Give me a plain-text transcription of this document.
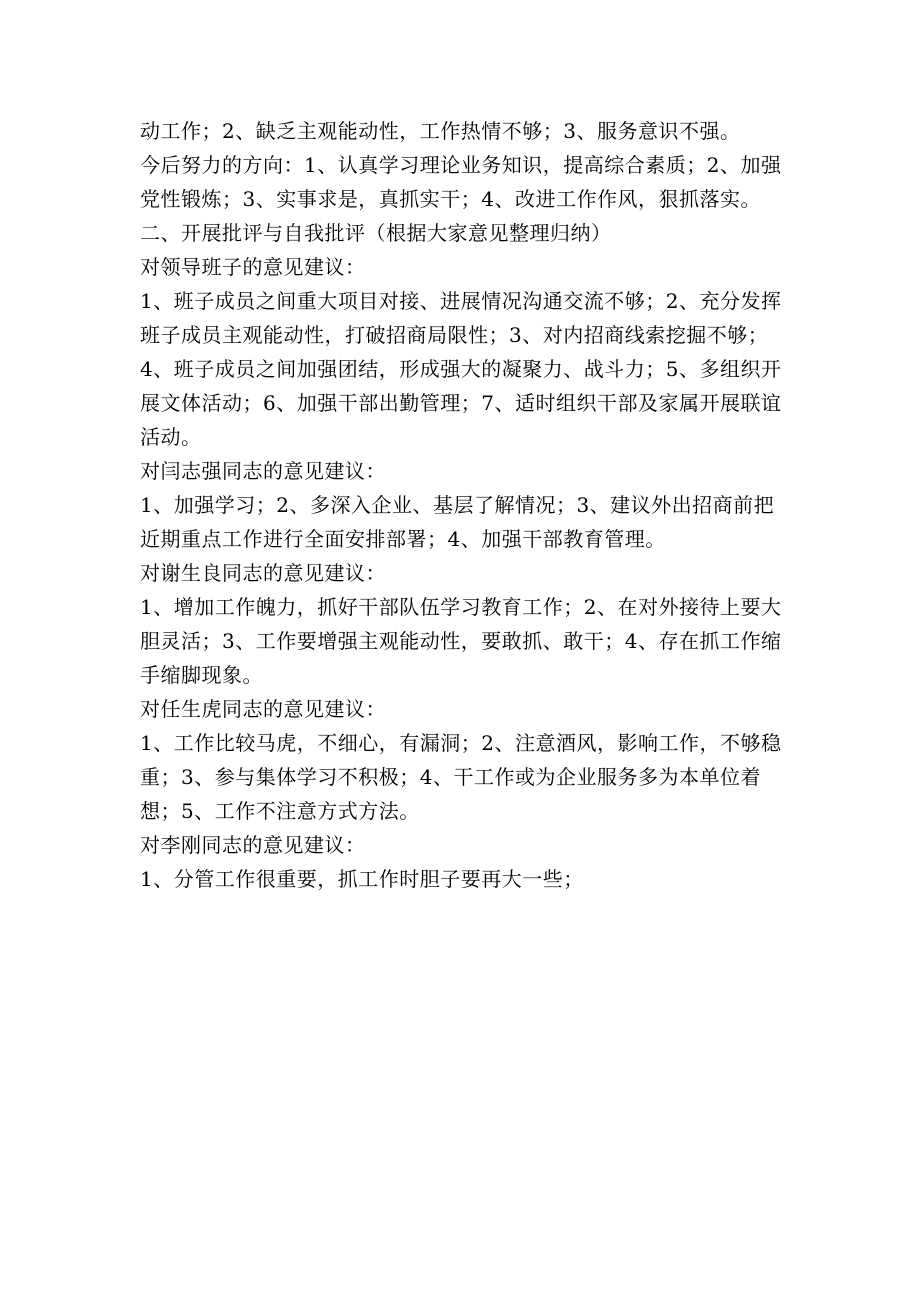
动工作；2、缺乏主观能动性，工作热情不够；3、服务意识不强。

今后努力的方向：1、认真学习理论业务知识，提高综合素质；2、加强党性锻炼；3、实事求是，真抓实干；4、改进工作作风，狠抓落实。

二、开展批评与自我批评（根据大家意见整理归纳）

对领导班子的意见建议：

1、班子成员之间重大项目对接、进展情况沟通交流不够；2、充分发挥班子成员主观能动性，打破招商局限性；3、对内招商线索挖掘不够；4、班子成员之间加强团结，形成强大的凝聚力、战斗力；5、多组织开展文体活动；6、加强干部出勤管理；7、适时组织干部及家属开展联谊活动。

对闫志强同志的意见建议：

1、加强学习；2、多深入企业、基层了解情况；3、建议外出招商前把近期重点工作进行全面安排部署；4、加强干部教育管理。

对谢生良同志的意见建议：

1、增加工作魄力，抓好干部队伍学习教育工作；2、在对外接待上要大胆灵活；3、工作要增强主观能动性，要敢抓、敢干；4、存在抓工作缩手缩脚现象。

对任生虎同志的意见建议：

1、工作比较马虎，不细心，有漏洞；2、注意酒风，影响工作，不够稳重；3、参与集体学习不积极；4、干工作或为企业服务多为本单位着想；5、工作不注意方式方法。

对李刚同志的意见建议：

1、分管工作很重要，抓工作时胆子要再大一些；
